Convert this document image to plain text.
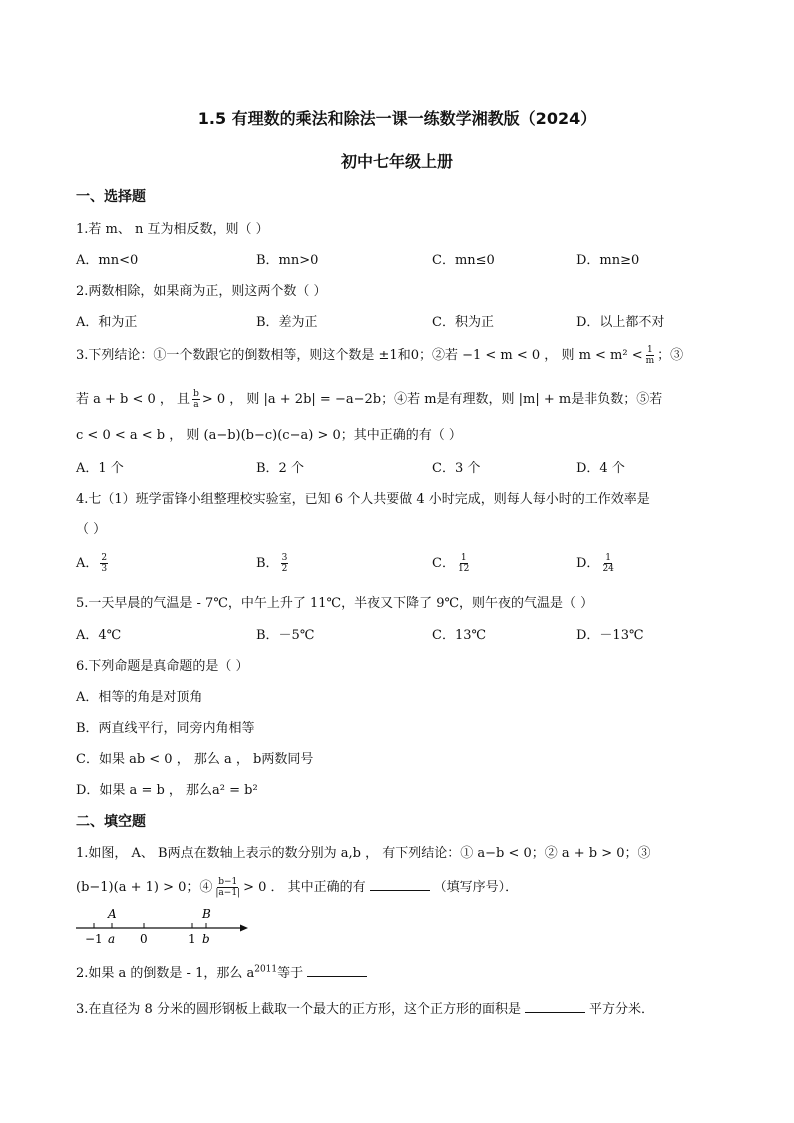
1.5 有理数的乘法和除法一课一练数学湘教版（2024）
初中七年级上册
一、选择题
1.若 m、 n 互为相反数，则（ ）
A．mn<0	B．mn>0	C．mn≤0	D．mn≥0
2.两数相除，如果商为正，则这两个数（ ）
A．和为正	B．差为正	C．积为正	D．以上都不对
3.下列结论：①一个数跟它的倒数相等，则这个数是 ±1和0；②若 −1 < m < 0 ， 则 $m < m^2 < \frac{1}{m}$ ；③
若 a + b < 0 ， 且 $\frac{b}{a} > 0$ ， 则 |a + 2b| = −a−2b；④若 m是有理数，则 |m| + m是非负数；⑤若
c < 0 < a < b ， 则 (a−b)(b−c)(c−a) > 0；其中正确的有（ ）
A．1 个	B．2 个	C．3 个	D．4 个
4.七（1）班学雷锋小组整理校实验室，已知 6 个人共要做 4 小时完成，则每人每小时的工作效率是
（ ）
A． $\frac{2}{3}$	B． $\frac{3}{2}$	C． $\frac{1}{12}$	D． $\frac{1}{24}$
5.一天早晨的气温是 - 7℃，中午上升了 11℃，半夜又下降了 9℃，则午夜的气温是（ ）
A．4℃	B．－5℃	C．13℃	D．－13℃
6.下列命题是真命题的是（ ）
A．相等的角是对顶角
B．两直线平行，同旁内角相等
C．如果 ab < 0 ， 那么 a ， b两数同号
D．如果 a = b ， 那么a² = b²
二、填空题
1.如图， A、 B两点在数轴上表示的数分别为 a,b ， 有下列结论：① a−b < 0；② a + b > 0；③
(b−1)(a + 1) > 0；④ $\frac{b-1}{|a-1|} > 0$ ． 其中正确的有	（填写序号）．
A	B
−1 a 0	1 b
2.如果 a 的倒数是 - 1，那么 $a^{2011}$等于
3.在直径为 8 分米的圆形钢板上截取一个最大的正方形，这个正方形的面积是	平方分米．
